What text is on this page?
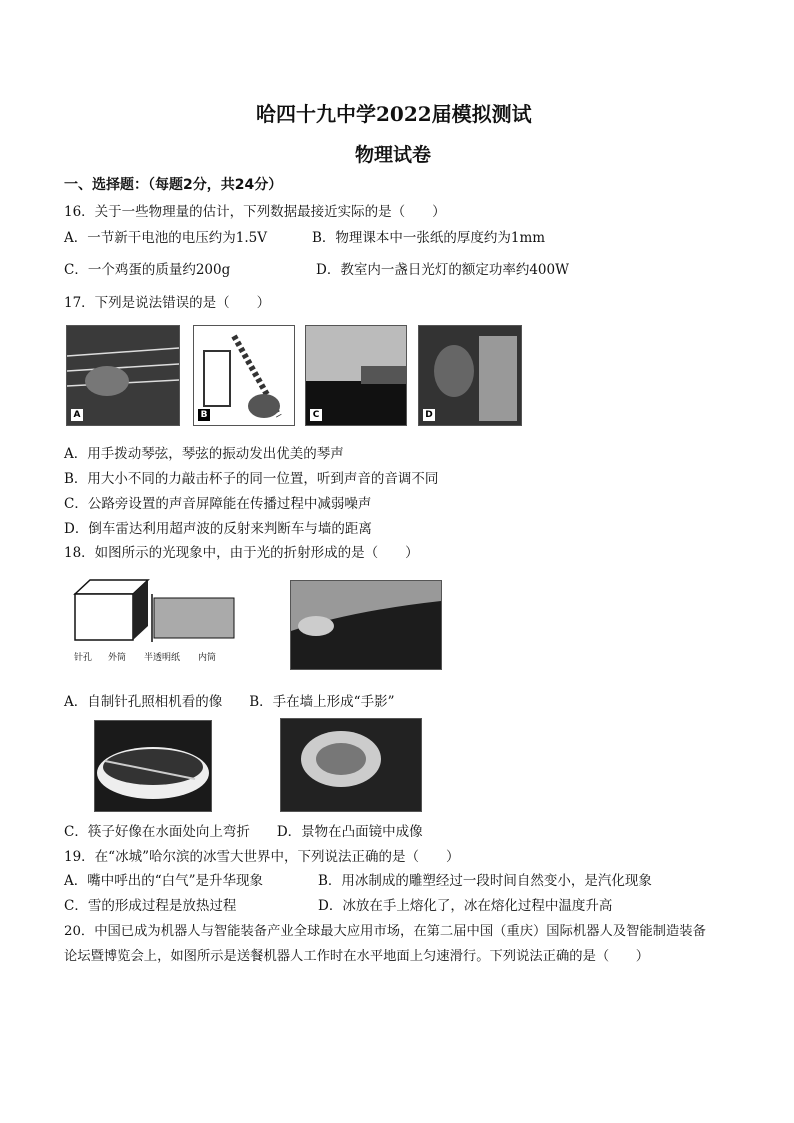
哈四十九中学2022届模拟测试
物理试卷
一、选择题：（每题2分，共24分）
16．关于一些物理量的估计，下列数据最接近实际的是（　　）
A．一节新干电池的电压约为1.5V	B．物理课本中一张纸的厚度约为1mm
C．一个鸡蛋的质量约200g	D．教室内一盏日光灯的额定功率约400W
17．下列是说法错误的是（　　）
A	B	C	D
A．用手拨动琴弦，琴弦的振动发出优美的琴声
B．用大小不同的力敲击杯子的同一位置，听到声音的音调不同
C．公路旁设置的声音屏障能在传播过程中减弱噪声
D．倒车雷达利用超声波的反射来判断车与墙的距离
18．如图所示的光现象中，由于光的折射形成的是（　　）
针孔 外筒 半透明纸 内筒
A．自制针孔照相机看的像　　B．手在墙上形成“手影”
C．筷子好像在水面处向上弯折　　D．景物在凸面镜中成像
19．在“冰城”哈尔滨的冰雪大世界中，下列说法正确的是（　　）
A．嘴中呼出的“白气”是升华现象	B．用冰制成的雕塑经过一段时间自然变小，是汽化现象
C．雪的形成过程是放热过程	D．冰放在手上熔化了，冰在熔化过程中温度升高
20．中国已成为机器人与智能装备产业全球最大应用市场，在第二届中国（重庆）国际机器人及智能制造装备
论坛暨博览会上，如图所示是送餐机器人工作时在水平地面上匀速滑行。下列说法正确的是（　　）
